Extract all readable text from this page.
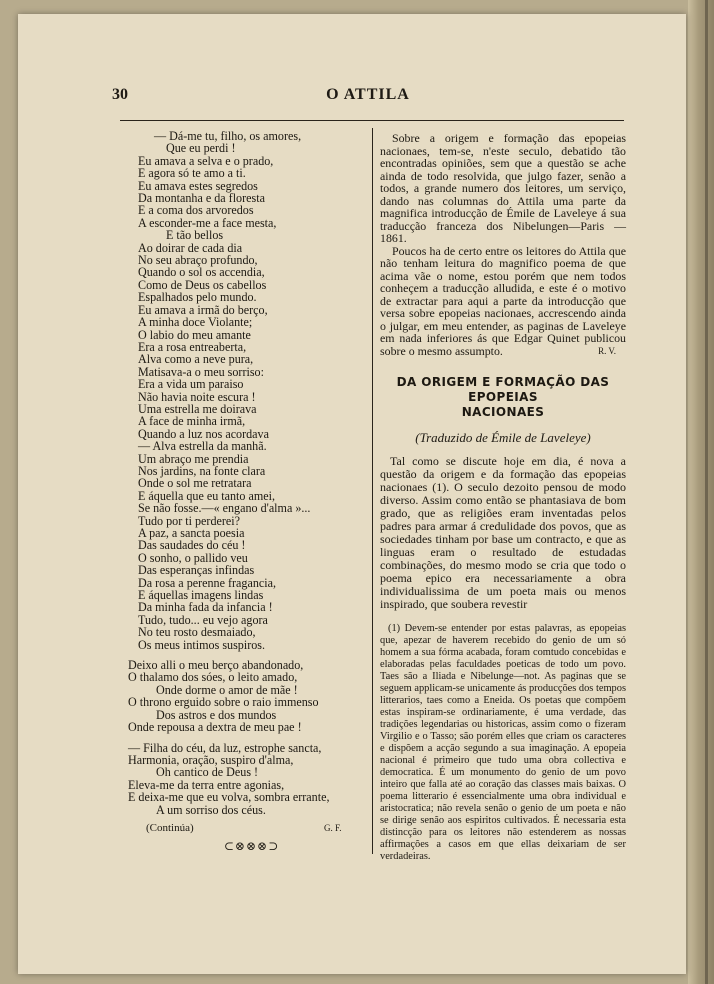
30	O ATTILA
— Dá-me tu, filho, os amores,
Que eu perdi !
Eu amava a selva e o prado,
E agora só te amo a ti.
Eu amava estes segredos
Da montanha e da floresta
E a coma dos arvoredos
A esconder-me a face mesta,
E tão bellos
Ao doirar de cada dia
No seu abraço profundo,
Quando o sol os accendia,
Como de Deus os cabellos
Espalhados pelo mundo.
Eu amava a irmã do berço,
A minha doce Violante;
O labio do meu amante
Era a rosa entreaberta,
Alva como a neve pura,
Matisava-a o meu sorriso:
Era a vida um paraiso
Não havia noite escura !
Uma estrella me doirava
A face de minha irmã,
Quando a luz nos acordava
— Alva estrella da manhã.
Um abraço me prendia
Nos jardins, na fonte clara
Onde o sol me retratara
E áquella que eu tanto amei,
Se não fosse.—« engano d'alma »...
Tudo por ti perderei?
A paz, a sancta poesia
Das saudades do céu !
O sonho, o pallido veu
Das esperanças infindas
Da rosa a perenne fragancia,
E áquellas imagens lindas
Da minha fada da infancia !
Tudo, tudo... eu vejo agora
No teu rosto desmaiado,
Os meus intimos suspiros.
Deixo alli o meu berço abandonado,
O thalamo dos sóes, o leito amado,
Onde dorme o amor de mãe !
O throno erguido sobre o raio immenso
Dos astros e dos mundos
Onde repousa a dextra de meu pae !
— Filha do céu, da luz, estrophe sancta,
Harmonia, oração, suspiro d'alma,
Oh cantico de Deus !
Eleva-me da terra entre agonias,
E deixa-me que eu volva, sombra errante,
A um sorriso dos céus.
(Continúa)	G. F.
⊂⊗⊗⊗⊃

Sobre a origem e formação das epopeias nacionaes, tem-se, n'este seculo, debatido tão encontradas opiniões, sem que a questão se ache ainda de todo resolvida, que julgo fazer, senão a todos, a grande numero dos leitores, um serviço, dando nas columnas do Attila uma parte da magnifica introducção de Émile de Laveleye á sua traducção franceza dos Nibelungen—Paris — 1861.

Poucos ha de certo entre os leitores do Attila que não tenham leitura do magnifico poema de que acima vãe o nome, estou porém que nem todos conheçem a traducção alludida, e este é o motivo de extractar para aqui a parte da introducção que versa sobre epopeias nacionaes, accrescendo ainda o julgar, em meu entender, as paginas de Laveleye em nada inferiores ás que Edgar Quinet publicou sobre o mesmo assumpto.	R. V.

DA ORIGEM E FORMAÇÃO DAS EPOPEIAS
NACIONAES
(Traduzido de Émile de Laveleye)

Tal como se discute hoje em dia, é nova a questão da origem e da formação das epopeias nacionaes (1). O seculo dezoito pensou de modo diverso. Assim como então se phantasiava de bom grado, que as religiões eram inventadas pelos padres para armar á credulidade dos povos, que as sociedades tinham por base um contracto, e que as linguas eram o resultado de estudadas combinações, do mesmo modo se cria que todo o poema epico era necessariamente a obra individualissima de um poeta mais ou menos inspirado, que soubera revestir

(1) Devem-se entender por estas palavras, as epopeias que, apezar de haverem recebido do genio de um só homem a sua fórma acabada, foram comtudo concebidas e elaboradas pelas faculdades poeticas de todo um povo. Taes são a Iliada e Nibelunge—not. As paginas que se seguem applicam-se unicamente ás producções dos tempos litterarios, taes como a Eneida. Os poetas que compõem estas inspiram-se ordinariamente, é uma verdade, das tradições legendarias ou historicas, assim como o fizeram Virgilio e o Tasso; são porém elles que criam os caracteres e dispõem a acção segundo a sua imaginação. A epopeia nacional é primeiro que tudo uma obra collectiva e democratica. É um monumento do genio de um povo inteiro que falla até ao coração das classes mais baixas. O poema litterario é essencialmente uma obra individual e aristocratica; não revela senão o genio de um poeta e não se dirige senão aos espiritos cultivados. É necessaria esta distincção para os leitores não estenderem as nossas affirmações a casos em que ellas deixariam de ser verdadeiras.
